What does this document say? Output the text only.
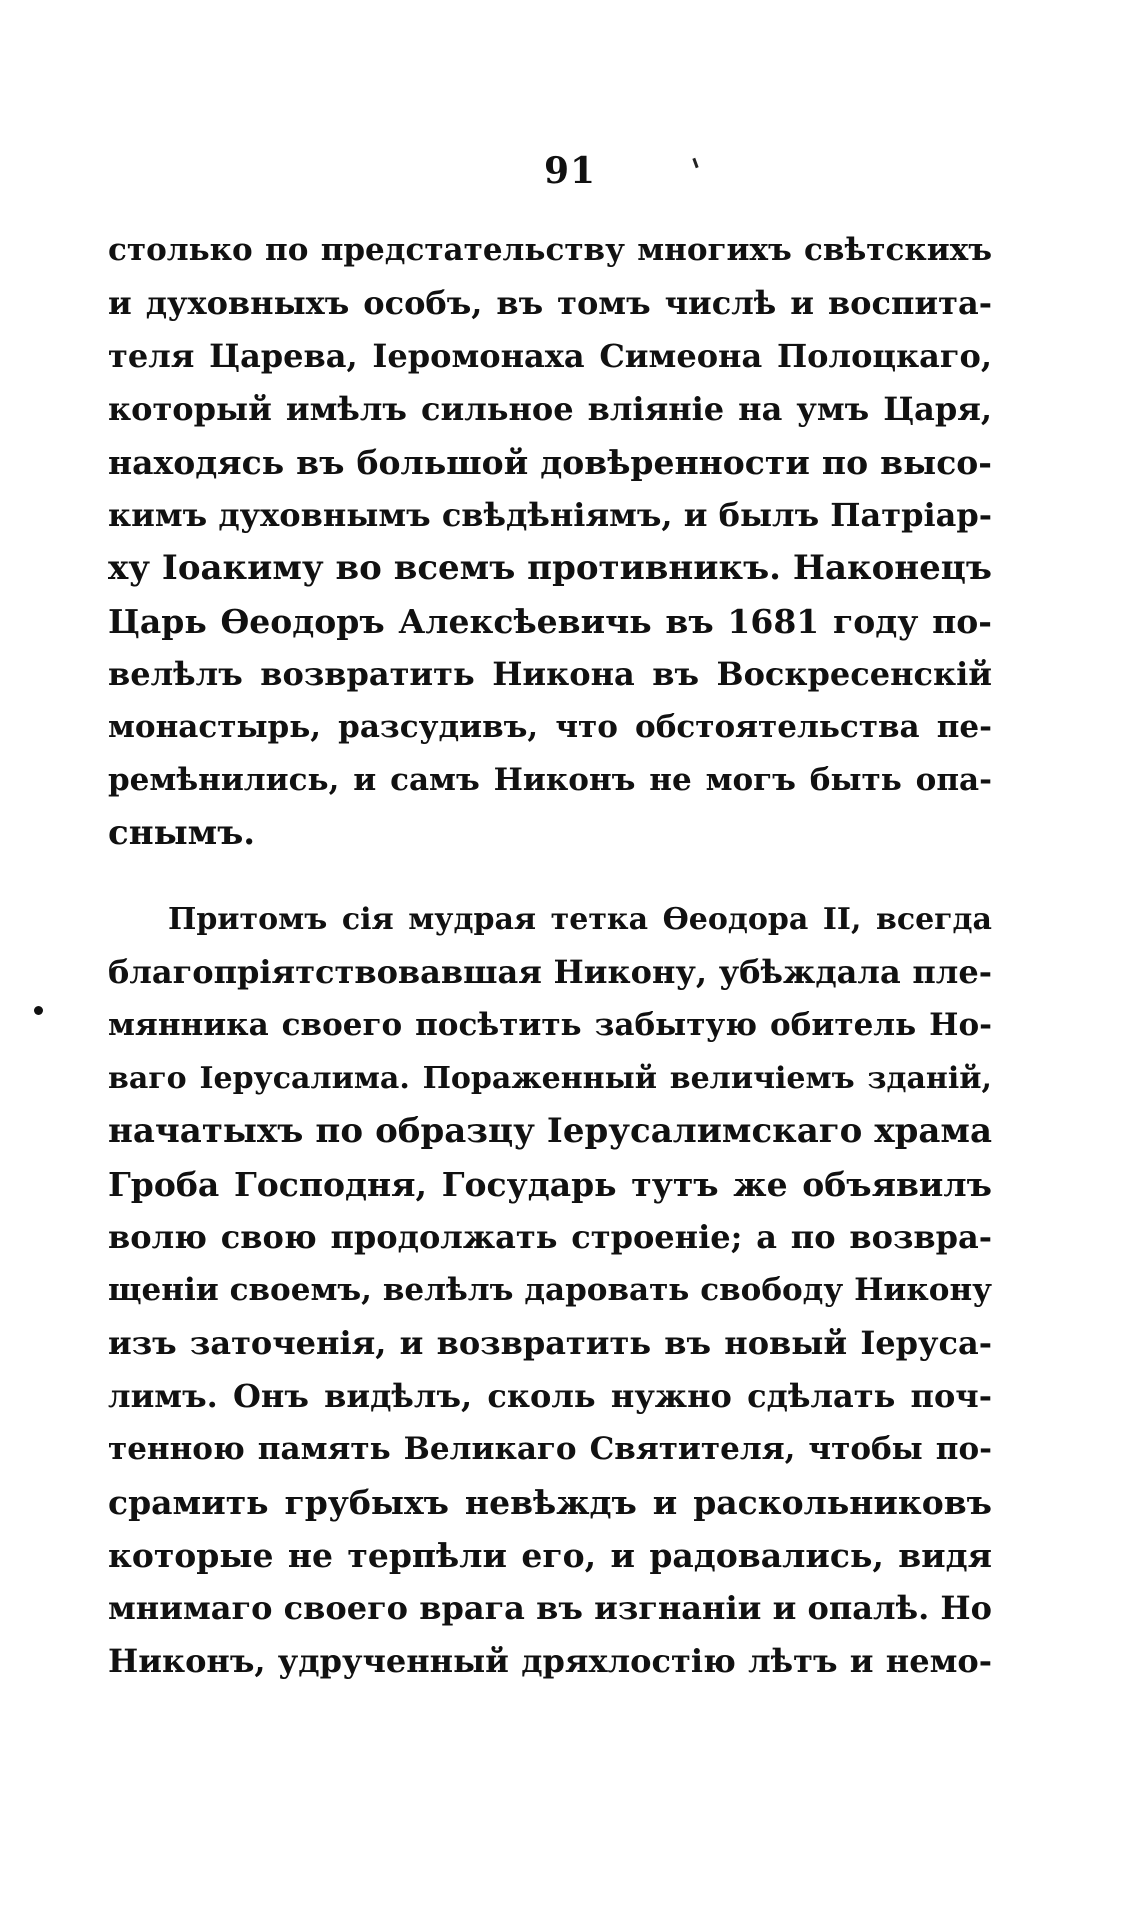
91
столько по предстательству многихъ свѣтскихъ
и духовныхъ особъ, въ томъ числѣ и воспита-
теля Царева, Іеромонаха Симеона Полоцкаго,
который имѣлъ сильное вліяніе на умъ Царя,
находясь въ большой довѣренности по высо-
кимъ духовнымъ свѣдѣніямъ, и былъ Патріар-
ху Іоакиму во всемъ противникъ. Наконецъ
Царь Ѳеодоръ Алексѣевичь въ 1681 году по-
велѣлъ возвратить Никона въ Воскресенскій
монастырь, разсудивъ, что обстоятельства пе-
ремѣнились, и самъ Никонъ не могъ быть опа-
снымъ.
Притомъ сія мудрая тетка Ѳеодора II, всегда
благопріятствовавшая Никону, убѣждала пле-
мянника своего посѣтить забытую обитель Но-
ваго Іерусалима. Пораженный величіемъ зданій,
начатыхъ по образцу Іерусалимскаго храма
Гроба Господня, Государь тутъ же объявилъ
волю свою продолжать строеніе; а по возвра-
щеніи своемъ, велѣлъ даровать свободу Никону
изъ заточенія, и возвратить въ новый Іеруса-
лимъ. Онъ видѣлъ, сколь нужно сдѣлать поч-
тенною память Великаго Святителя, чтобы по-
срамить грубыхъ невѣждъ и раскольниковъ
которые не терпѣли его, и радовались, видя
мнимаго своего врага въ изгнаніи и опалѣ. Но
Никонъ, удрученный дряхлостію лѣтъ и немо-
